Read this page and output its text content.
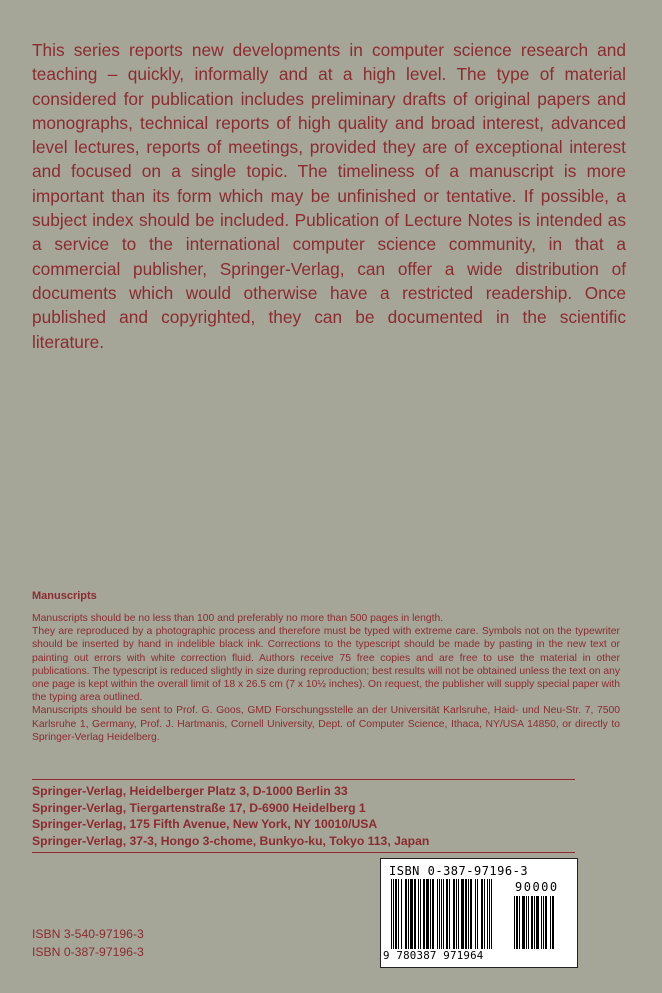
This series reports new developments in computer science research and teaching – quickly, informally and at a high level. The type of material considered for publication includes preliminary drafts of original papers and monographs, technical reports of high quality and broad interest, advanced level lectures, reports of meetings, provided they are of exceptional interest and focused on a single topic. The timeliness of a manuscript is more important than its form which may be unfinished or tentative. If possible, a subject index should be included. Publication of Lecture Notes is intended as a service to the international computer science community, in that a commercial publisher, Springer-Verlag, can offer a wide distribution of documents which would otherwise have a restricted readership. Once published and copyrighted, they can be documented in the scientific literature.

Manuscripts

Manuscripts should be no less than 100 and preferably no more than 500 pages in length.

They are reproduced by a photographic process and therefore must be typed with extreme care. Symbols not on the typewriter should be inserted by hand in indelible black ink. Corrections to the typescript should be made by pasting in the new text or painting out errors with white correction fluid. Authors receive 75 free copies and are free to use the material in other publications. The typescript is reduced slightly in size during reproduction; best results will not be obtained unless the text on any one page is kept within the overall limit of 18 x 26.5 cm (7 x 10½ inches). On request, the publisher will supply special paper with the typing area outlined.

Manuscripts should be sent to Prof. G. Goos, GMD Forschungsstelle an der Universität Karlsruhe, Haid- und Neu-Str. 7, 7500 Karlsruhe 1, Germany, Prof. J. Hartmanis, Cornell University, Dept. of Computer Science, Ithaca, NY/USA 14850, or directly to Springer-Verlag Heidelberg.

Springer-Verlag, Heidelberger Platz 3, D-1000 Berlin 33
Springer-Verlag, Tiergartenstraße 17, D-6900 Heidelberg 1
Springer-Verlag, 175 Fifth Avenue, New York, NY 10010/USA
Springer-Verlag, 37-3, Hongo 3-chome, Bunkyo-ku, Tokyo 113, Japan
ISBN 3-540-97196-3
ISBN 0-387-97196-3
ISBN 0-387-97196-3
90000
9 780387 971964
